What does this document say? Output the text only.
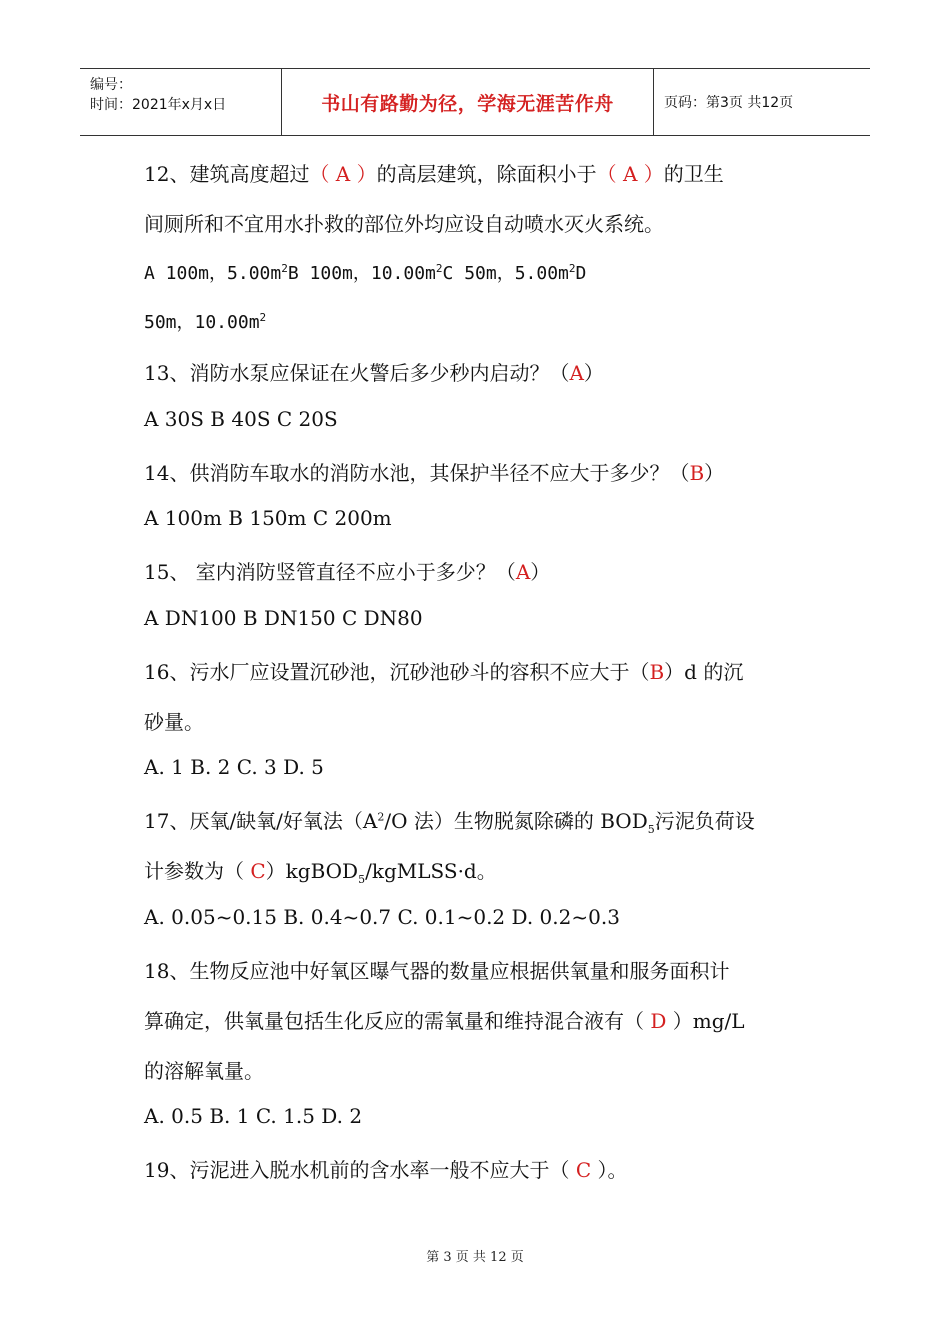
编号：
时间：2021年x月x日	书山有路勤为径，学海无涯苦作舟	页码：第3页 共12页
12、建筑高度超过（ A ）的高层建筑，除面积小于（ A ）的卫生
间厕所和不宜用水扑救的部位外均应设自动喷水灭火系统。
A 100m，$5.00m^2B$ 100m，$10.00m^2C$ 50m，$5.00m^2D$
50m，$10.00m^2$
13、消防水泵应保证在火警后多少秒内启动？（A）
A 30S B 40S C 20S
14、供消防车取水的消防水池，其保护半径不应大于多少？（B）
A 100m B 150m C 200m
15、 室内消防竖管直径不应小于多少？（A）
A DN100 B DN150 C DN80
16、污水厂应设置沉砂池，沉砂池砂斗的容积不应大于（B）d 的沉
砂量。
A. 1 B. 2 C. 3 D. 5
17、厌氧/缺氧/好氧法（$A^2/O$ 法）生物脱氮除磷的 $BOD_5$污泥负荷设
计参数为（ C）kgBOD$_5$/kgMLSS·d。
A. 0.05~0.15 B. 0.4~0.7 C. 0.1~0.2 D. 0.2~0.3
18、生物反应池中好氧区曝气器的数量应根据供氧量和服务面积计
算确定，供氧量包括生化反应的需氧量和维持混合液有（ D ）mg/L
的溶解氧量。
A. 0.5 B. 1 C. 1.5 D. 2
19、污泥进入脱水机前的含水率一般不应大于（ C ）。
第 3 页 共 12 页
